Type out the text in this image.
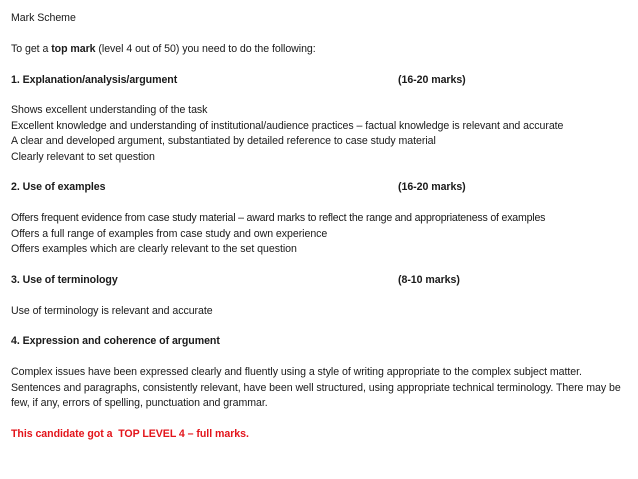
Mark Scheme

To get a top mark (level 4 out of 50) you need to do the following:

1. Explanation/analysis/argument	(16-20 marks)

Shows excellent understanding of the task

Excellent knowledge and understanding of institutional/audience practices – factual knowledge is relevant and accurate

A clear and developed argument, substantiated by detailed reference to case study material

Clearly relevant to set question

2. Use of examples	(16-20 marks)

Offers frequent evidence from case study material – award marks to reflect the range and appropriateness of examples

Offers a full range of examples from case study and own experience

Offers examples which are clearly relevant to the set question

3. Use of terminology	(8-10 marks)

Use of terminology is relevant and accurate

4. Expression and coherence of argument

Complex issues have been expressed clearly and fluently using a style of writing appropriate to the complex subject matter. Sentences and paragraphs, consistently relevant, have been well structured, using appropriate technical terminology. There may be few, if any, errors of spelling, punctuation and grammar.

This candidate got a  TOP LEVEL 4 – full marks.
